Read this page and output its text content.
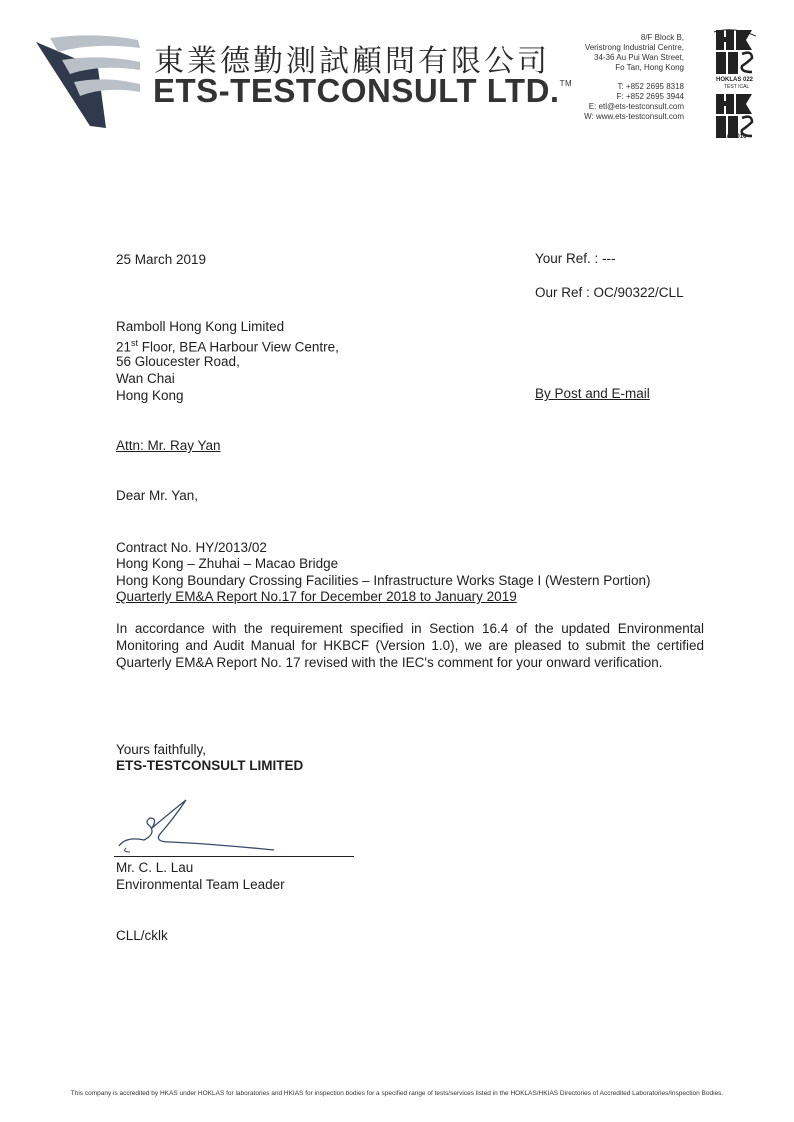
東業德勤測試顧問有限公司
ETS-TESTCONSULT LTD.™
8/F Block B,
Veristrong Industrial Centre,
34-36 Au Pui Wan Street,
Fo Tan, Hong Kong
T: +852 2695 8318
F: +852 2695 3944
E: etl@ets-testconsult.com
W: www.ets-testconsult.com
HOKLAS 022
TEST ICAL
HKIAS 016
25 March 2019	Your Ref. : ---
Our Ref : OC/90322/CLL
Ramboll Hong Kong Limited
21st Floor, BEA Harbour View Centre,
56 Gloucester Road,
Wan Chai
Hong Kong	By Post and E-mail
Attn: Mr. Ray Yan
Dear Mr. Yan,
Contract No. HY/2013/02
Hong Kong – Zhuhai – Macao Bridge
Hong Kong Boundary Crossing Facilities – Infrastructure Works Stage I (Western Portion)
Quarterly EM&A Report No.17 for December 2018 to January 2019
In accordance with the requirement specified in Section 16.4 of the updated Environmental Monitoring and Audit Manual for HKBCF (Version 1.0), we are pleased to submit the certified Quarterly EM&A Report No. 17 revised with the IEC's comment for your onward verification.
Yours faithfully,
ETS-TESTCONSULT LIMITED
Mr. C. L. Lau
Environmental Team Leader
CLL/cklk
This company is accredited by HKAS under HOKLAS for laboratories and HKIAS for inspection bodies for a specified range of tests/services listed in the HOKLAS/HKIAS Directories of Accredited Laboratories/Inspection Bodies.
